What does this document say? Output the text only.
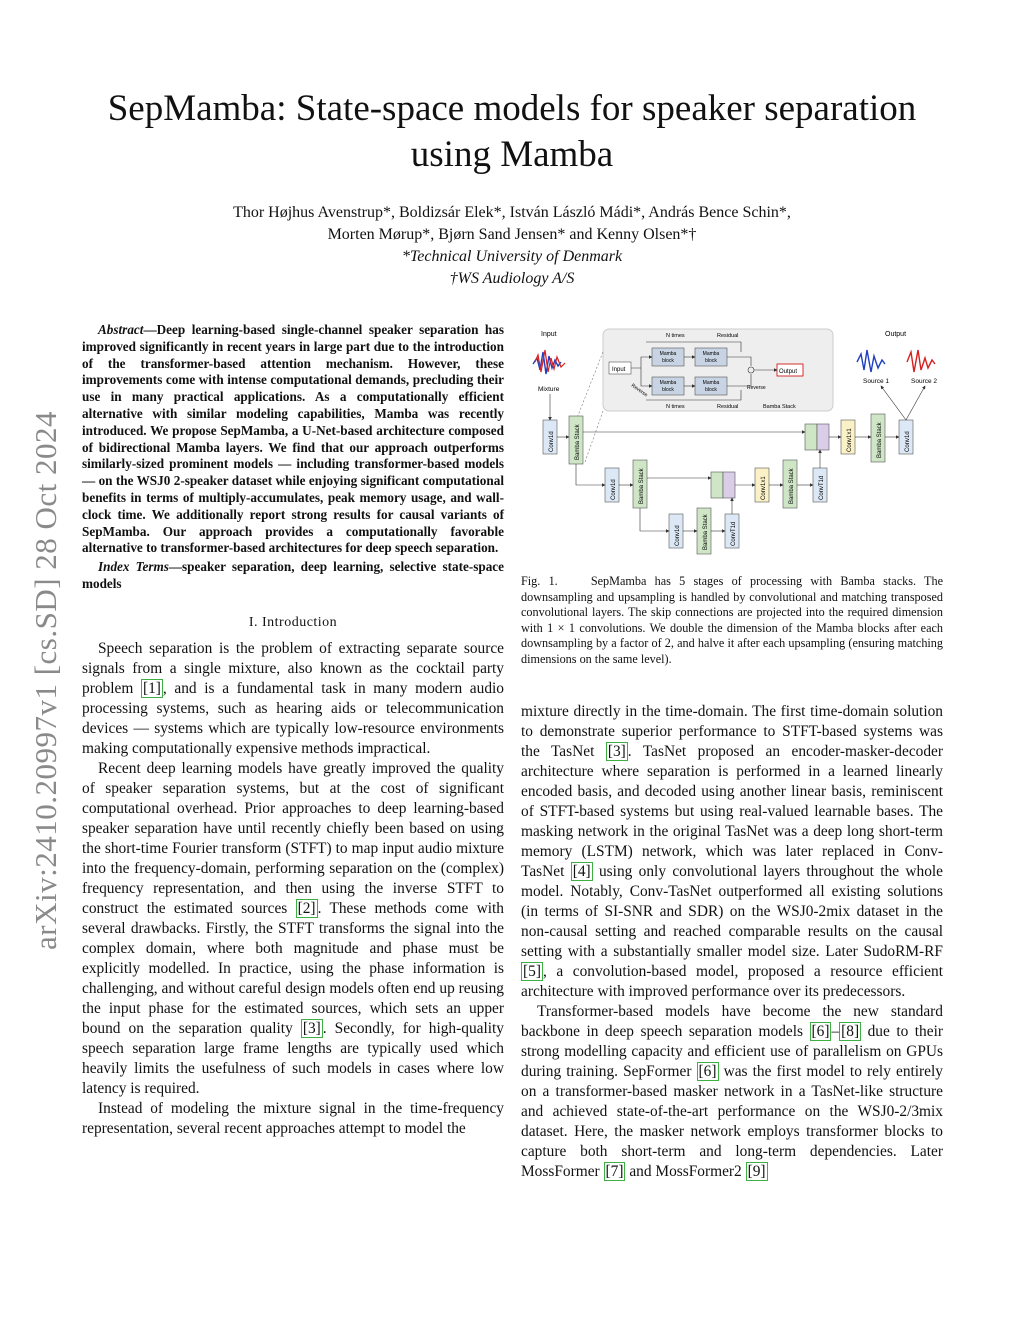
arXiv:2410.20997v1 [cs.SD] 28 Oct 2024
SepMamba: State-space models for speaker separation using Mamba
Thor Højhus Avenstrup*, Boldizsár Elek*, István László Mádi*, András Bence Schin*,
Morten Mørup*, Bjørn Sand Jensen* and Kenny Olsen*†
*Technical University of Denmark
†WS Audiology A/S

Abstract—Deep learning-based single-channel speaker separation has improved significantly in recent years in large part due to the introduction of the transformer-based attention mechanism. However, these improvements come with intense computational demands, precluding their use in many practical applications. As a computationally efficient alternative with similar modeling capabilities, Mamba was recently introduced. We propose SepMamba, a U-Net-based architecture composed of bidirectional Mamba layers. We find that our approach outperforms similarly-sized prominent models — including transformer-based models — on the WSJ0 2-speaker dataset while enjoying significant computational benefits in terms of multiply-accumulates, peak memory usage, and wall-clock time. We additionally report strong results for causal variants of SepMamba. Our approach provides a computationally favorable alternative to transformer-based architectures for deep speech separation.

Index Terms—speaker separation, deep learning, selective state-space models

I. Introduction

Speech separation is the problem of extracting separate source signals from a single mixture, also known as the cocktail party problem [1] , and is a fundamental task in many modern audio processing systems, such as hearing aids or telecommunication devices — systems which are typically low-resource environments making computationally expensive methods impractical.

Recent deep learning models have greatly improved the quality of speaker separation systems, but at the cost of significant computational overhead. Prior approaches to deep learning-based speaker separation have until recently chiefly been based on using the short-time Fourier transform (STFT) to map input audio mixture into the frequency-domain, performing separation on the (complex) frequency representation, and then using the inverse STFT to construct the estimated sources [2] . These methods come with several drawbacks. Firstly, the STFT transforms the signal into the complex domain, where both magnitude and phase must be explicitly modelled. In practice, using the phase information is challenging, and without careful design models often end up reusing the input phase for the estimated sources, which sets an upper bound on the separation quality [3] . Secondly, for high-quality speech separation large frame lengths are typically used which heavily limits the usefulness of such models in cases where low latency is required.

Instead of modeling the mixture signal in the time-frequency representation, several recent approaches attempt to model the

Input	Output
Mixture
Source 1	Source 2
N times	Residual
N times	Residual	Bamba Stack
Input
Mamba
block
Mamba
block
Mamba
block
Mamba
block
Reverse	Reverse
Output
Conv1d	Bamba Stack
Conv1d	Bamba Stack
Conv1d	Bamba Stack	ConvT1d
Conv1x1	Bamba Stack	ConvT1d
Conv1x1	Bamba Stack	Conv1d
Fig. 1.	SepMamba has 5 stages of processing with Bamba stacks. The downsampling and upsampling is handled by convolutional and matching transposed convolutional layers. The skip connections are projected into the required dimension with 1 × 1 convolutions. We double the dimension of the Mamba blocks after each downsampling by a factor of 2, and halve it after each upsampling (ensuring matching dimensions on the same level).

mixture directly in the time-domain. The first time-domain solution to demonstrate superior performance to STFT-based systems was the TasNet [3] . TasNet proposed an encoder-masker-decoder architecture where separation is performed in a learned linearly encoded basis, and decoded using another linear basis, reminiscent of STFT-based systems but using real-valued learnable bases. The masking network in the original TasNet was a deep long short-term memory (LSTM) network, which was later replaced in Conv-TasNet [4] using only convolutional layers throughout the whole model. Notably, Conv-TasNet outperformed all existing solutions (in terms of SI-SNR and SDR) on the WSJ0-2mix dataset in the non-causal setting and reached comparable results on the causal setting with a substantially smaller model size. Later SudoRM-RF [5] , a convolution-based model, proposed a resource efficient architecture with improved performance over its predecessors.

Transformer-based models have become the new standard backbone in deep speech separation models [6] – [8] due to their strong modelling capacity and efficient use of parallelism on GPUs during training. SepFormer [6] was the first model to rely entirely on a transformer-based masker network in a TasNet-like structure and achieved state-of-the-art performance on the WSJ0-2/3mix dataset. Here, the masker network employs transformer blocks to capture both short-term and long-term dependencies. Later MossFormer [7] and MossFormer2 [9]
